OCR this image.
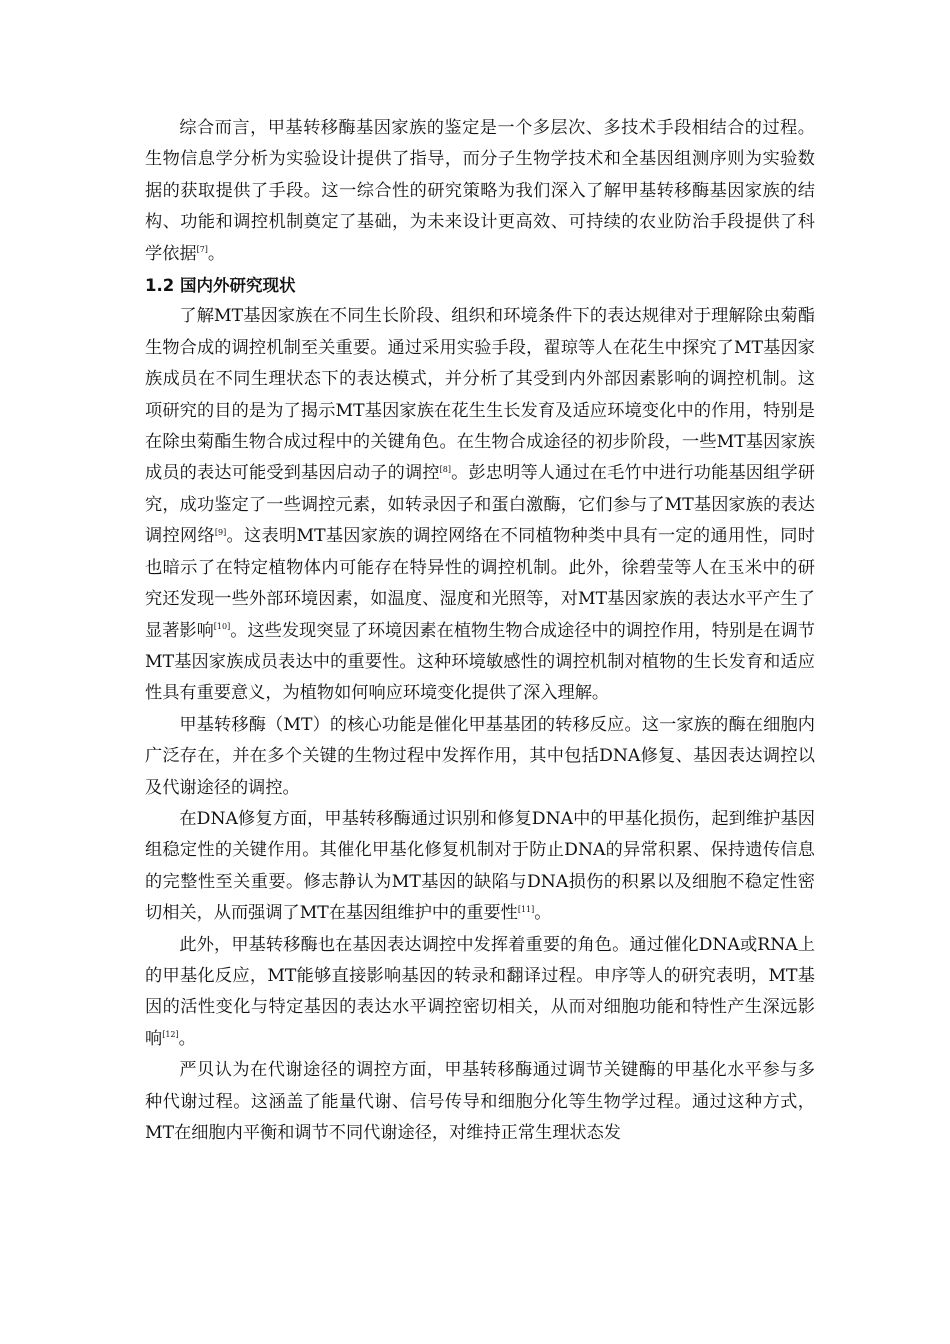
综合而言，甲基转移酶基因家族的鉴定是一个多层次、多技术手段相结合的过程。生物信息学分析为实验设计提供了指导，而分子生物学技术和全基因组测序则为实验数据的获取提供了手段。这一综合性的研究策略为我们深入了解甲基转移酶基因家族的结构、功能和调控机制奠定了基础，为未来设计更高效、可持续的农业防治手段提供了科学依据[7]。

1.2 国内外研究现状

了解MT基因家族在不同生长阶段、组织和环境条件下的表达规律对于理解除虫菊酯生物合成的调控机制至关重要。通过采用实验手段，翟琼等人在花生中探究了MT基因家族成员在不同生理状态下的表达模式，并分析了其受到内外部因素影响的调控机制。这项研究的目的是为了揭示MT基因家族在花生生长发育及适应环境变化中的作用，特别是在除虫菊酯生物合成过程中的关键角色。在生物合成途径的初步阶段，一些MT基因家族成员的表达可能受到基因启动子的调控[8]。彭忠明等人通过在毛竹中进行功能基因组学研究，成功鉴定了一些调控元素，如转录因子和蛋白激酶，它们参与了MT基因家族的表达调控网络[9]。这表明MT基因家族的调控网络在不同植物种类中具有一定的通用性，同时也暗示了在特定植物体内可能存在特异性的调控机制。此外，徐碧莹等人在玉米中的研究还发现一些外部环境因素，如温度、湿度和光照等，对MT基因家族的表达水平产生了显著影响[10]。这些发现突显了环境因素在植物生物合成途径中的调控作用，特别是在调节MT基因家族成员表达中的重要性。这种环境敏感性的调控机制对植物的生长发育和适应性具有重要意义，为植物如何响应环境变化提供了深入理解。

甲基转移酶（MT）的核心功能是催化甲基基团的转移反应。这一家族的酶在细胞内广泛存在，并在多个关键的生物过程中发挥作用，其中包括DNA修复、基因表达调控以及代谢途径的调控。

在DNA修复方面，甲基转移酶通过识别和修复DNA中的甲基化损伤，起到维护基因组稳定性的关键作用。其催化甲基化修复机制对于防止DNA的异常积累、保持遗传信息的完整性至关重要。修志静认为MT基因的缺陷与DNA损伤的积累以及细胞不稳定性密切相关，从而强调了MT在基因组维护中的重要性[11]。

此外，甲基转移酶也在基因表达调控中发挥着重要的角色。通过催化DNA或RNA上的甲基化反应，MT能够直接影响基因的转录和翻译过程。申序等人的研究表明，MT基因的活性变化与特定基因的表达水平调控密切相关，从而对细胞功能和特性产生深远影响[12]。

严贝认为在代谢途径的调控方面，甲基转移酶通过调节关键酶的甲基化水平参与多种代谢过程。这涵盖了能量代谢、信号传导和细胞分化等生物学过程。通过这种方式，MT在细胞内平衡和调节不同代谢途径，对维持正常生理状态发
